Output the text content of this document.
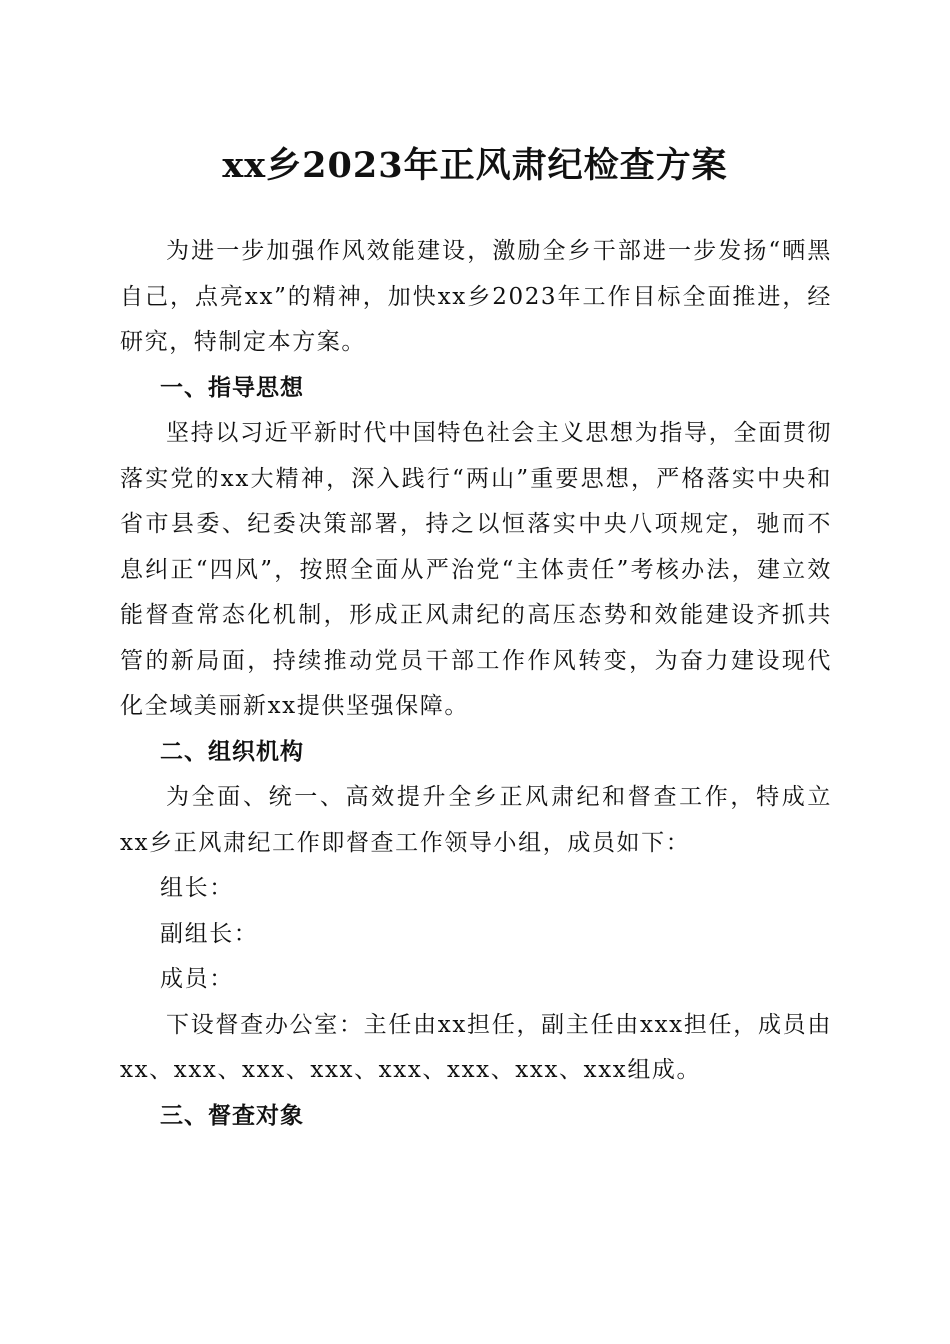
xx乡2023年正风肃纪检查方案

为进一步加强作风效能建设，激励全乡干部进一步发扬“晒黑自己，点亮xx”的精神，加快xx乡2023年工作目标全面推进，经研究，特制定本方案。

一、指导思想

坚持以习近平新时代中国特色社会主义思想为指导，全面贯彻落实党的xx大精神，深入践行“两山”重要思想，严格落实中央和省市县委、纪委决策部署，持之以恒落实中央八项规定，驰而不息纠正“四风”，按照全面从严治党“主体责任”考核办法，建立效能督查常态化机制，形成正风肃纪的高压态势和效能建设齐抓共管的新局面，持续推动党员干部工作作风转变，为奋力建设现代化全域美丽新xx提供坚强保障。

二、组织机构

为全面、统一、高效提升全乡正风肃纪和督查工作，特成立xx乡正风肃纪工作即督查工作领导小组，成员如下：

组长：

副组长：

成员：

下设督查办公室：主任由xx担任，副主任由xxx担任，成员由xx、xxx、xxx、xxx、xxx、xxx、xxx、xxx组成。

三、督查对象
